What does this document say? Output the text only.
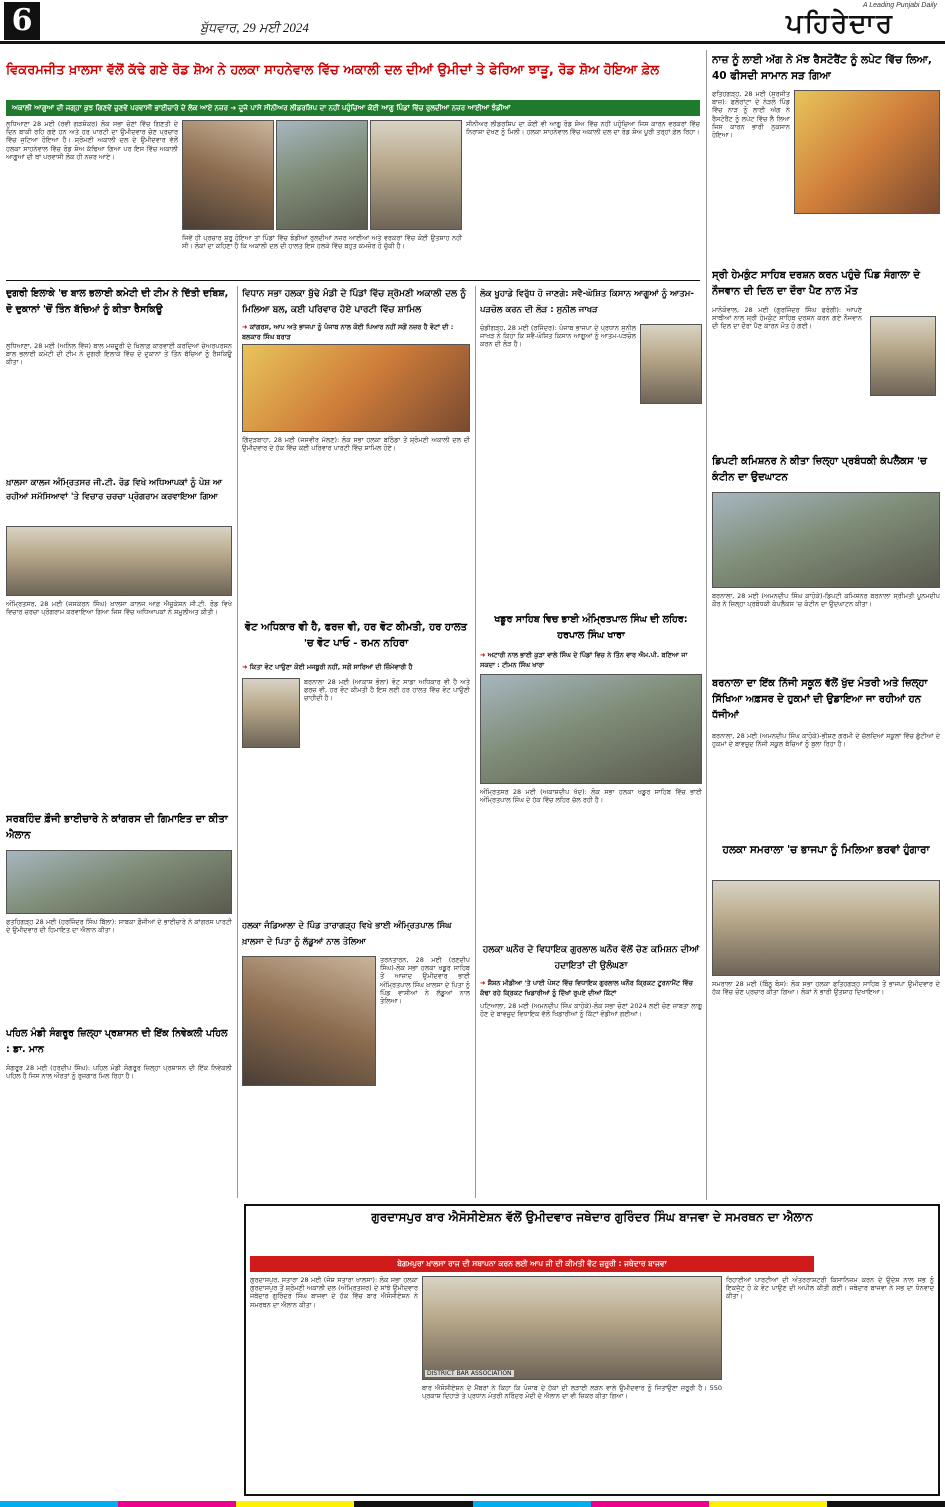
6	ਬੁੱਧਵਾਰ, 29 ਮਈ 2024
A Leading Punjabi Daily
ਪਹਿਰੇਦਾਰ
ਵਿਕਰਮਜੀਤ ਖ਼ਾਲਸਾ ਵੱਲੋਂ ਕੱਢੇ ਗਏ ਰੋਡ ਸ਼ੋਅ ਨੇ ਹਲਕਾ ਸਾਹਨੇਵਾਲ ਵਿੱਚ ਅਕਾਲੀ ਦਲ ਦੀਆਂ ਉਮੀਦਾਂ ਤੇ ਫੇਰਿਆ ਝਾੜੂ, ਰੋਡ ਸ਼ੋਅ ਹੋਇਆ ਫ਼ੇਲ
ਅਕਾਲੀ ਆਗੂਆਂ ਦੀ ਜਗ੍ਹਾ ਕੁਝ ਗਿਣਵੇਂ ਚੁਣਵੇਂ ਪਰਵਾਸੀ ਭਾਈਚਾਰੇ ਦੇ ਲੋਕ ਆਏ ਨਜ਼ਰ ➜ ਦੂਜੇ ਪਾਸੇ ਸੀਨੀਅਰ ਲੀਡਰਸ਼ਿਪ ਦਾ ਨਹੀਂ ਪਹੁੰਚਿਆ ਕੋਈ ਆਗੂ ਪਿੰਡਾਂ ਵਿੱਚ ਰੁਲਦੀਆਂ ਨਜ਼ਰ ਆਈਆਂ ਝੰਡੀਆਂ
ਲੁਧਿਆਣਾ 28 ਮਈ (ਰਵੀ ਗੜਸ਼ੰਕਰ) ਲੋਕ ਸਭਾ ਚੋਣਾਂ ਵਿੱਚ ਗਿਣਤੀ ਦੇ ਦਿਨ ਬਾਕੀ ਰਹਿ ਗਏ ਹਨ ਅਤੇ ਹਰ ਪਾਰਟੀ ਦਾ ਉਮੀਦਵਾਰ ਚੋਣ ਪ੍ਰਚਾਰ ਵਿੱਚ ਜੁਟਿਆ ਹੋਇਆ ਹੈ। ਸ਼੍ਰੋਮਣੀ ਅਕਾਲੀ ਦਲ ਦੇ ਉਮੀਦਵਾਰ ਵੱਲੋਂ ਹਲਕਾ ਸਾਹਨੇਵਾਲ ਵਿੱਚ ਰੋਡ ਸ਼ੋਅ ਕੱਢਿਆ ਗਿਆ ਪਰ ਇਸ ਵਿੱਚ ਅਕਾਲੀ ਆਗੂਆਂ ਦੀ ਥਾਂ ਪਰਵਾਸੀ ਲੋਕ ਹੀ ਨਜ਼ਰ ਆਏ।
ਜਿਵੇਂ ਹੀ ਪ੍ਰਚਾਰ ਸ਼ੁਰੂ ਹੋਇਆ ਤਾਂ ਪਿੰਡਾਂ ਵਿੱਚ ਝੰਡੀਆਂ ਰੁਲਦੀਆਂ ਨਜ਼ਰ ਆਈਆਂ ਅਤੇ ਵਰਕਰਾਂ ਵਿੱਚ ਕੋਈ ਉਤਸ਼ਾਹ ਨਹੀਂ ਸੀ। ਲੋਕਾਂ ਦਾ ਕਹਿਣਾ ਹੈ ਕਿ ਅਕਾਲੀ ਦਲ ਦੀ ਹਾਲਤ ਇਸ ਹਲਕੇ ਵਿੱਚ ਬਹੁਤ ਕਮਜ਼ੋਰ ਹੋ ਚੁੱਕੀ ਹੈ।
ਸੀਨੀਅਰ ਲੀਡਰਸ਼ਿਪ ਦਾ ਕੋਈ ਵੀ ਆਗੂ ਰੋਡ ਸ਼ੋਅ ਵਿੱਚ ਨਹੀਂ ਪਹੁੰਚਿਆ ਜਿਸ ਕਾਰਨ ਵਰਕਰਾਂ ਵਿੱਚ ਨਿਰਾਸ਼ਾ ਦੇਖਣ ਨੂੰ ਮਿਲੀ। ਹਲਕਾ ਸਾਹਨੇਵਾਲ ਵਿੱਚ ਅਕਾਲੀ ਦਲ ਦਾ ਰੋਡ ਸ਼ੋਅ ਪੂਰੀ ਤਰ੍ਹਾਂ ਫ਼ੇਲ ਰਿਹਾ।
ਨਾਜ਼ ਨੂੰ ਲਾਈ ਅੱਗ ਨੇ ਮੱਝ ਰੈਸਟੋਰੈਂਟ ਨੂੰ ਲਪੇਟ ਵਿੱਚ ਲਿਆ, 40 ਫੀਸਦੀ ਸਾਮਾਨ ਸੜ ਗਿਆ
ਫਤਿਹਗੜ੍ਹ, 28 ਮਈ (ਸੁਰਜੀਤ ਬਾਜ਼): ਫਲੋਰਾਂਟਾ ਦੇ ਨੇੜਲੇ ਪਿੰਡ ਵਿੱਚ ਨਾੜ ਨੂੰ ਲਾਈ ਅੱਗ ਨੇ ਰੈਸਟੋਰੈਂਟ ਨੂੰ ਲਪੇਟ ਵਿੱਚ ਲੈ ਲਿਆ ਜਿਸ ਕਾਰਨ ਭਾਰੀ ਨੁਕਸਾਨ ਹੋਇਆ।
ਸ੍ਰੀ ਹੇਮਕੁੰਟ ਸਾਹਿਬ ਦਰਸ਼ਨ ਕਰਨ ਪਹੁੰਚੇ ਪਿੰਡ ਸੰਗਾਲਾ ਦੇ ਨੌਜਵਾਨ ਦੀ ਦਿਲ ਦਾ ਦੌਰਾ ਪੈਣ ਨਾਲ ਮੌਤ
ਮਾਨੋਕੋਵਾਲ, 28 ਮਈ (ਗੁਰਜਿੰਦਰ ਸਿੰਘ ਫਰੰਗੀ): ਆਪਣੇ ਸਾਥੀਆਂ ਨਾਲ ਸ੍ਰੀ ਹੇਮਕੁੰਟ ਸਾਹਿਬ ਦਰਸ਼ਨ ਕਰਨ ਗਏ ਨੌਜਵਾਨ ਦੀ ਦਿਲ ਦਾ ਦੌਰਾ ਪੈਣ ਕਾਰਨ ਮੌਤ ਹੋ ਗਈ।
ਡਿਪਟੀ ਕਮਿਸ਼ਨਰ ਨੇ ਕੀਤਾ ਜ਼ਿਲ੍ਹਾ ਪ੍ਰਬੰਧਕੀ ਕੰਪਲੈਕਸ 'ਚ ਕੰਟੀਨ ਦਾ ਉਦਘਾਟਨ
ਬਰਨਾਲਾ, 28 ਮਈ (ਅਮਨਦੀਪ ਸਿੰਘ ਕਾਹੋਕੇ)-ਡਿਪਟੀ ਕਮਿਸ਼ਨਰ ਬਰਨਾਲਾ ਸ੍ਰੀਮਤੀ ਪੂਨਮਦੀਪ ਕੌਰ ਨੇ ਜ਼ਿਲ੍ਹਾ ਪ੍ਰਬੰਧਕੀ ਕੰਪਲੈਕਸ 'ਚ ਕੰਟੀਨ ਦਾ ਉਦਘਾਟਨ ਕੀਤਾ।
ਬਰਨਾਲਾ ਦਾ ਇੱਕ ਨਿੱਜੀ ਸਕੂਲ ਵੱਲੋਂ ਖੁੱਦ ਮੰਤਰੀ ਅਤੇ ਜ਼ਿਲ੍ਹਾ ਸਿੱਖਿਆ ਅਫ਼ਸਰ ਦੇ ਹੁਕਮਾਂ ਦੀ ਉਡਾਇਆ ਜਾ ਰਹੀਆਂ ਹਨ ਧੱਜੀਆਂ
ਬਰਨਾਲਾ, 28 ਮਈ (ਅਮਨਦੀਪ ਸਿੰਘ ਕਾਹੋਕੇ)-ਭੀਸ਼ਣ ਗਰਮੀ ਦੇ ਚੱਲਦਿਆਂ ਸਕੂਲਾਂ ਵਿੱਚ ਛੁੱਟੀਆਂ ਦੇ ਹੁਕਮਾਂ ਦੇ ਬਾਵਜੂਦ ਨਿੱਜੀ ਸਕੂਲ ਬੱਚਿਆਂ ਨੂੰ ਬੁਲਾ ਰਿਹਾ ਹੈ।
ਹਲਕਾ ਸਮਰਾਲਾ 'ਚ ਭਾਜਪਾ ਨੂੰ ਮਿਲਿਆ ਭਰਵਾਂ ਹੁੰਗਾਰਾ
ਸਮਰਾਲਾ 28 ਮਈ (ਬਿੰਨੂ ਬੋਸ): ਲੋਕ ਸਭਾ ਹਲਕਾ ਫਤਿਹਗੜ੍ਹ ਸਾਹਿਬ ਤੋਂ ਭਾਜਪਾ ਉਮੀਦਵਾਰ ਦੇ ਹੱਕ ਵਿੱਚ ਚੋਣ ਪ੍ਰਚਾਰ ਕੀਤਾ ਗਿਆ। ਲੋਕਾਂ ਨੇ ਭਾਰੀ ਉਤਸ਼ਾਹ ਦਿਖਾਇਆ।
ਦੁਗਰੀ ਇਲਾਕੇ 'ਚ ਬਾਲ ਭਲਾਈ ਕਮੇਟੀ ਦੀ ਟੀਮ ਨੇ ਦਿੱਤੀ ਦਬਿਸ਼, ਦੋ ਦੁਕਾਨਾਂ 'ਚੋਂ ਤਿੰਨ ਬੱਚਿਆਂ ਨੂੰ ਕੀਤਾ ਰੈਸਕਿਊ
ਲੁਧਿਆਣਾ, 28 ਮਈ (ਅਨਿਲ ਵਿੱਜ) ਬਾਲ ਮਜ਼ਦੂਰੀ ਦੇ ਖ਼ਿਲਾਫ਼ ਕਾਰਵਾਈ ਕਰਦਿਆਂ ਚੇਅਰਪਰਸਨ ਬਾਲ ਭਲਾਈ ਕਮੇਟੀ ਦੀ ਟੀਮ ਨੇ ਦੁਗਰੀ ਇਲਾਕੇ ਵਿੱਚ ਦੋ ਦੁਕਾਨਾਂ ਤੋਂ ਤਿੰਨ ਬੱਚਿਆਂ ਨੂੰ ਰੈਸਕਿਊ ਕੀਤਾ।
ਖ਼ਾਲਸਾ ਕਾਲਜ ਅੰਮ੍ਰਿਤਸਰ ਜੀ.ਟੀ. ਰੋਡ ਵਿਖੇ ਅਧਿਆਪਕਾਂ ਨੂੰ ਪੇਸ਼ ਆ ਰਹੀਆਂ ਸਮੱਸਿਆਵਾਂ 'ਤੇ ਵਿਚਾਰ ਚਰਚਾ ਪ੍ਰੋਗਰਾਮ ਕਰਵਾਇਆ ਗਿਆ
ਅੰਮ੍ਰਿਤਸਰ, 28 ਮਈ (ਜਸਕਰਨ ਸਿੰਘ) ਖ਼ਾਲਸਾ ਕਾਲਜ ਆਫ਼ ਐਜੂਕੇਸ਼ਨ ਜੀ.ਟੀ. ਰੋਡ ਵਿਖੇ ਵਿਚਾਰ ਚਰਚਾ ਪ੍ਰੋਗਰਾਮ ਕਰਵਾਇਆ ਗਿਆ ਜਿਸ ਵਿੱਚ ਅਧਿਆਪਕਾਂ ਨੇ ਸ਼ਮੂਲੀਅਤ ਕੀਤੀ।
ਸਰਬਹਿੰਦ ਫ਼ੌਜੀ ਭਾਈਚਾਰੇ ਨੇ ਕਾਂਗਰਸ ਦੀ ਗਿਮਾਇਤ ਦਾ ਕੀਤਾ ਐਲਾਨ
ਫਤਹਿਗੜ੍ਹ 28 ਮਈ (ਹਰਜਿੰਦਰ ਸਿੰਘ ਬਿੱਲਾ): ਸਾਬਕਾ ਫ਼ੌਜੀਆਂ ਦੇ ਭਾਈਚਾਰੇ ਨੇ ਕਾਂਗਰਸ ਪਾਰਟੀ ਦੇ ਉਮੀਦਵਾਰ ਦੀ ਹਿਮਾਇਤ ਦਾ ਐਲਾਨ ਕੀਤਾ।
ਪਹਿਲ ਮੰਡੀ ਸੰਗਰੂਰ ਜ਼ਿਲ੍ਹਾ ਪ੍ਰਸ਼ਾਸਨ ਦੀ ਇੱਕ ਨਿਵੇਕਲੀ ਪਹਿਲ : ਡਾ. ਮਾਨ
ਸੰਗਰੂਰ 28 ਮਈ (ਹਰਦੀਪ ਸਿੰਘ): ਪਹਿਲ ਮੰਡੀ ਸੰਗਰੂਰ ਜ਼ਿਲ੍ਹਾ ਪ੍ਰਸ਼ਾਸਨ ਦੀ ਇੱਕ ਨਿਵੇਕਲੀ ਪਹਿਲ ਹੈ ਜਿਸ ਨਾਲ ਔਰਤਾਂ ਨੂੰ ਰੁਜ਼ਗਾਰ ਮਿਲ ਰਿਹਾ ਹੈ।
ਵਿਧਾਨ ਸਭਾ ਹਲਕਾ ਬੁੱਢੇ ਮੰਡੀ ਦੇ ਪਿੰਡਾਂ ਵਿੱਚ ਸ਼੍ਰੋਮਣੀ ਅਕਾਲੀ ਦਲ ਨੂੰ ਮਿਲਿਆ ਬਲ, ਕਈ ਪਰਿਵਾਰ ਹੋਏ ਪਾਰਟੀ ਵਿੱਚ ਸ਼ਾਮਿਲ
➜ ਕਾਂਗਰਸ, ਆਪ ਅਤੇ ਭਾਜਪਾ ਨੂੰ ਪੰਜਾਬ ਨਾਲ ਕੋਈ ਪਿਆਰ ਨਹੀਂ ਸਗੋਂ ਨਜ਼ਰ ਹੈ ਵੋਟਾਂ ਦੀ : ਬਲਕਾਰ ਸਿੰਘ ਬਰਾੜ
ਗਿੱਦੜਬਾਹਾ, 28 ਮਈ (ਜਸਵੀਰ ਮੱਲਣ): ਲੋਕ ਸਭਾ ਹਲਕਾ ਬਠਿੰਡਾ ਤੋਂ ਸ਼੍ਰੋਮਣੀ ਅਕਾਲੀ ਦਲ ਦੀ ਉਮੀਦਵਾਰ ਦੇ ਹੱਕ ਵਿੱਚ ਕਈ ਪਰਿਵਾਰ ਪਾਰਟੀ ਵਿੱਚ ਸ਼ਾਮਿਲ ਹੋਏ।
ਵੋਟ ਅਧਿਕਾਰ ਵੀ ਹੈ, ਫਰਜ਼ ਵੀ, ਹਰ ਵੋਟ ਕੀਮਤੀ, ਹਰ ਹਾਲਤ 'ਚ ਵੋਟ ਪਾਓ - ਰਮਨ ਨਹਿਰਾ
➜ ਕਿਤਾ ਵੋਟ ਪਾਉਣਾ ਕੋਈ ਮਜਬੂਰੀ ਨਹੀਂ, ਸਗੋਂ ਸਾਰਿਆਂ ਦੀ ਜ਼ਿੰਮੇਵਾਰੀ ਹੈ
ਬਰਨਾਲਾ 28 ਮਈ (ਆਕਾਸ਼ ਭੋਲਾ) ਵੋਟ ਸਾਡਾ ਅਧਿਕਾਰ ਵੀ ਹੈ ਅਤੇ ਫਰਜ਼ ਵੀ, ਹਰ ਵੋਟ ਕੀਮਤੀ ਹੈ ਇਸ ਲਈ ਹਰ ਹਾਲਤ ਵਿੱਚ ਵੋਟ ਪਾਉਣੀ ਚਾਹੀਦੀ ਹੈ।
ਹਲਕਾ ਜੰਡਿਆਲਾ ਦੇ ਪਿੰਡ ਤਾਰਾਗੜ੍ਹ ਵਿਖੇ ਭਾਈ ਅੰਮ੍ਰਿਤਪਾਲ ਸਿੰਘ ਖ਼ਾਲਸਾ ਦੇ ਪਿਤਾ ਨੂੰ ਲੱਡੂਆਂ ਨਾਲ ਤੋਲਿਆ
ਤਰਨਤਾਰਨ, 28 ਮਈ (ਰਣਦੀਪ ਸਿੰਘ)-ਲੋਕ ਸਭਾ ਹਲਕਾ ਖਡੂਰ ਸਾਹਿਬ ਤੋਂ ਆਜ਼ਾਦ ਉਮੀਦਵਾਰ ਭਾਈ ਅੰਮ੍ਰਿਤਪਾਲ ਸਿੰਘ ਖ਼ਾਲਸਾ ਦੇ ਪਿਤਾ ਨੂੰ ਪਿੰਡ ਵਾਸੀਆਂ ਨੇ ਲੱਡੂਆਂ ਨਾਲ ਤੋਲਿਆ।
ਲੋਕ ਖੂਹਾਡੇ ਵਿਰੁੱਧ ਹੋ ਜਾਣਗੇ: ਸਵੈ-ਘੋਸ਼ਿਤ ਕਿਸਾਨ ਆਗੂਆਂ ਨੂੰ ਆਤਮ-ਪੜਚੋਲ ਕਰਨ ਦੀ ਲੋੜ : ਸੁਨੀਲ ਜਾਖੜ
ਚੰਡੀਗੜ੍ਹ, 28 ਮਈ (ਰਜਿੰਦਰ): ਪੰਜਾਬ ਭਾਜਪਾ ਦੇ ਪ੍ਰਧਾਨ ਸੁਨੀਲ ਜਾਖੜ ਨੇ ਕਿਹਾ ਕਿ ਸਵੈ-ਘੋਸ਼ਿਤ ਕਿਸਾਨ ਆਗੂਆਂ ਨੂੰ ਆਤਮ-ਪੜਚੋਲ ਕਰਨ ਦੀ ਲੋੜ ਹੈ।
ਖਡੂਰ ਸਾਹਿਬ ਵਿਚ ਭਾਈ ਅੰਮ੍ਰਿਤਪਾਲ ਸਿੰਘ ਦੀ ਲਹਿਰ: ਹਰਪਾਲ ਸਿੰਘ ਖਾਰਾ
➜ ਅਟਾਰੀ ਨਾਲ ਭਾਈ ਕੁੜਾ ਵਾਲੇ ਸਿੰਘ ਦੇ ਪਿੰਡਾਂ ਵਿਚ ਨੇ ਤਿੰਨ ਵਾਰ ਐਮ.ਪੀ. ਬਣਿਆ ਜਾ ਸਕਦਾ : ਟੀਮਨ ਸਿੰਘ ਖਾਰਾ
ਅੰਮ੍ਰਿਤਸਰ 28 ਮਈ (ਅਕਾਸ਼ਦੀਪ ਖੱਦ): ਲੋਕ ਸਭਾ ਹਲਕਾ ਖਡੂਰ ਸਾਹਿਬ ਵਿੱਚ ਭਾਈ ਅੰਮ੍ਰਿਤਪਾਲ ਸਿੰਘ ਦੇ ਹੱਕ ਵਿੱਚ ਲਹਿਰ ਚੱਲ ਰਹੀ ਹੈ।
ਹਲਕਾ ਘਨੌਰ ਦੇ ਵਿਧਾਇਕ ਗੁਰਲਾਲ ਘਨੌਰ ਵੱਲੋਂ ਚੋਣ ਕਮਿਸ਼ਨ ਦੀਆਂ ਹਦਾਇਤਾਂ ਦੀ ਉਲੰਘਣਾ
➜ ਸ਼ੈਸ਼ਨ ਮੀਡੀਆ 'ਤੇ ਪਾਈ ਪੋਸਟ ਵਿੱਚ ਵਿਧਾਇਕ ਗੁਰਲਾਲ ਘਨੌਰ ਕ੍ਰਿਕਟ ਟੂਰਨਾਮੈਂਟ ਵਿੱਚ ਕੱਢਾ ਰਹੇ ਕ੍ਰਿਕਟ ਖਿਡਾਰੀਆਂ ਨੂੰ ਦਿੱਖਾਂ ਰੁਪਏ ਦੀਆਂ ਕਿੱਟਾਂ
ਪਟਿਆਲਾ, 28 ਮਈ (ਅਮਨਦੀਪ ਸਿੰਘ ਕਾਹੋਕੇ)-ਲੋਕ ਸਭਾ ਚੋਣਾਂ 2024 ਲਈ ਚੋਣ ਜ਼ਾਬਤਾ ਲਾਗੂ ਹੋਣ ਦੇ ਬਾਵਜੂਦ ਵਿਧਾਇਕ ਵੱਲੋਂ ਖਿਡਾਰੀਆਂ ਨੂੰ ਕਿੱਟਾਂ ਵੰਡੀਆਂ ਗਈਆਂ।
ਗੁਰਦਾਸਪੁਰ ਬਾਰ ਐਸੋਸੀਏਸ਼ਨ ਵੱਲੋਂ ਉਮੀਦਵਾਰ ਜਥੇਦਾਰ ਗੁਰਿੰਦਰ ਸਿੰਘ ਬਾਜਵਾ ਦੇ ਸਮਰਥਨ ਦਾ ਐਲਾਨ
ਬੇਗਮਪੁਰਾ ਖ਼ਾਲਸਾ ਰਾਜ ਦੀ ਸਥਾਪਨਾ ਕਰਨ ਲਈ ਆਪ ਜੀ ਦੀ ਕੀਮਤੀ ਵੋਟ ਜ਼ਰੂਰੀ : ਜਥੇਦਾਰ ਬਾਜਵਾ
ਗੁਰਦਾਸਪੁਰ, ਸਤਾਰਾ 28 ਮਈ (ਜੋਸ਼ ਸਤਾਰਾ ਖਾਲਸਾ): ਲੋਕ ਸਭਾ ਹਲਕਾ ਗੁਰਦਾਸਪੁਰ ਤੋਂ ਸ਼੍ਰੋਮਣੀ ਅਕਾਲੀ ਦਲ (ਅੰਮ੍ਰਿਤਸਰ) ਦੇ ਸਾਂਝੇ ਉਮੀਦਵਾਰ ਜਥੇਦਾਰ ਗੁਰਿੰਦਰ ਸਿੰਘ ਬਾਜਵਾ ਦੇ ਹੱਕ ਵਿੱਚ ਬਾਰ ਐਸੋਸੀਏਸ਼ਨ ਨੇ ਸਮਰਥਨ ਦਾ ਐਲਾਨ ਕੀਤਾ।
DISTRICT BAR ASSOCIATION
ਬਾਰ ਐਸੋਸੀਏਸ਼ਨ ਦੇ ਮੈਂਬਰਾਂ ਨੇ ਕਿਹਾ ਕਿ ਪੰਜਾਬ ਦੇ ਹੱਕਾਂ ਦੀ ਲੜਾਈ ਲੜਨ ਵਾਲੇ ਉਮੀਦਵਾਰ ਨੂੰ ਜਿਤਾਉਣਾ ਜ਼ਰੂਰੀ ਹੈ। 550 ਪ੍ਰਕਾਸ਼ ਦਿਹਾੜੇ ਤੇ ਪ੍ਰਧਾਨ ਮੰਤਰੀ ਨਰਿੰਦਰ ਮੋਦੀ ਦੇ ਐਲਾਨ ਦਾ ਵੀ ਜ਼ਿਕਰ ਕੀਤਾ ਗਿਆ।
ਰਿਹਾਈਆਂ ਪਾਰਟੀਆਂ ਦੀ ਅੰਤਰਰਾਸ਼ਟਰੀ ਕਿਸਾਨਿਜ਼ਮ ਕਰਨ ਦੇ ਉਦੇਸ਼ ਨਾਲ ਸਭ ਨੂੰ ਇਕਜੁੱਟ ਹੋ ਕੇ ਵੋਟ ਪਾਉਣ ਦੀ ਅਪੀਲ ਕੀਤੀ ਗਈ। ਜਥੇਦਾਰ ਬਾਜਵਾ ਨੇ ਸਭ ਦਾ ਧੰਨਵਾਦ ਕੀਤਾ।
